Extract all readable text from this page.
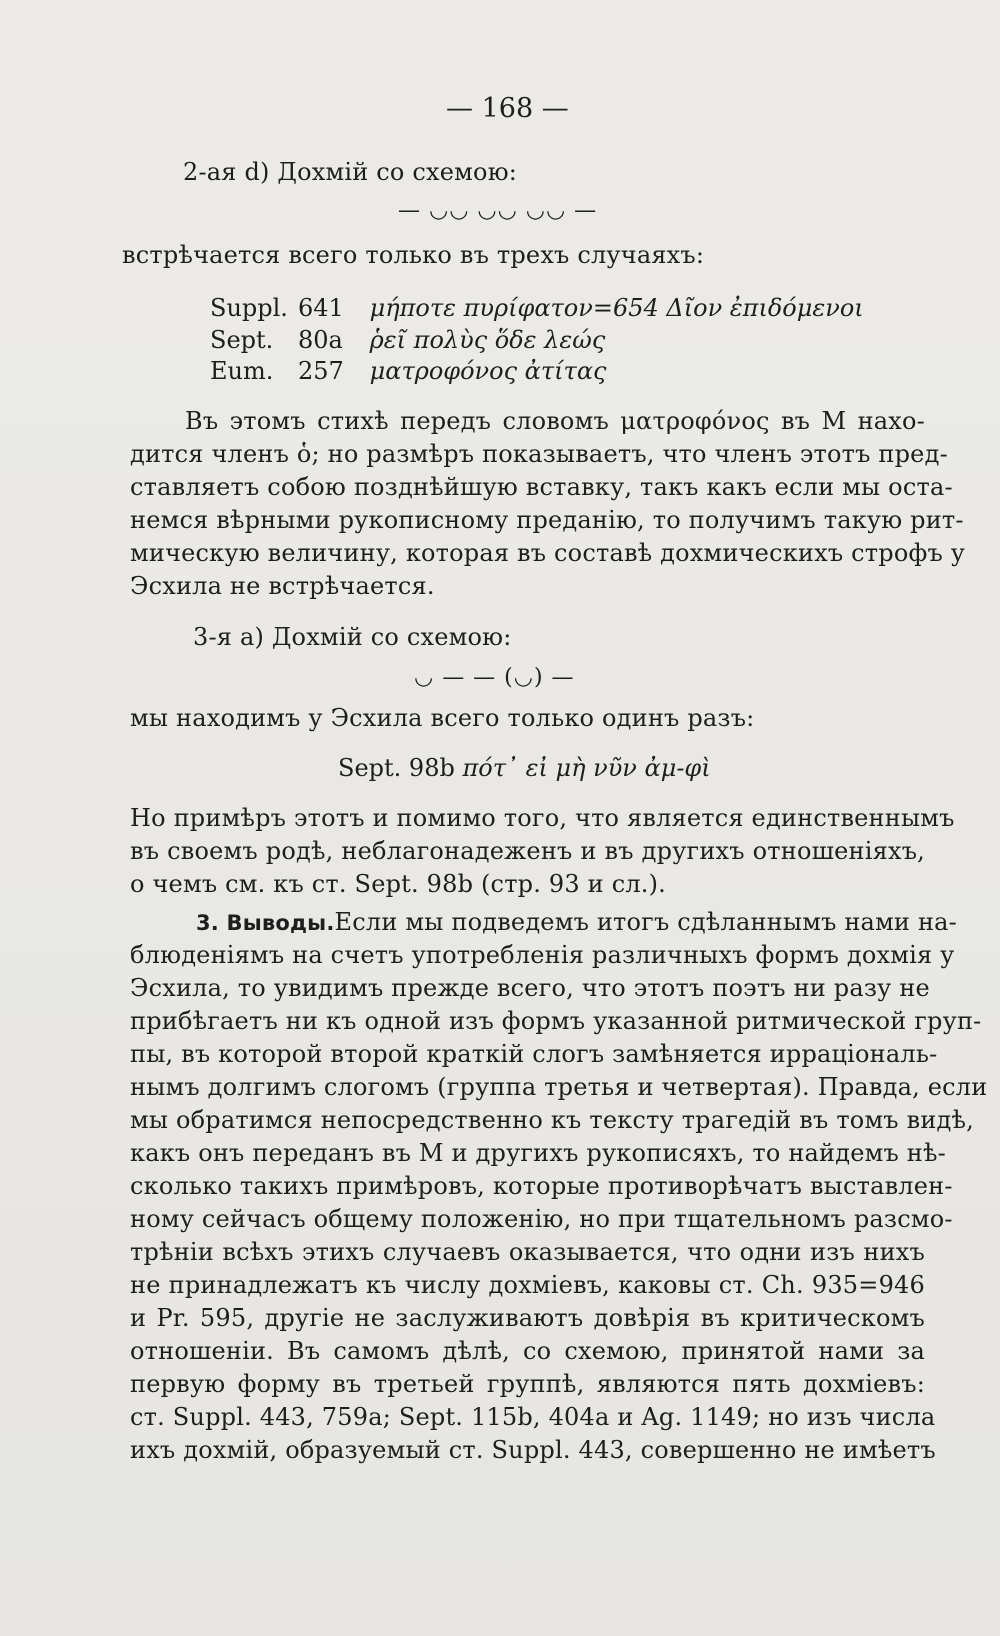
— 168 —
2-ая d) Дохмій со схемою:
— ◡◡ ◡◡ ◡◡ —
встрѣчается всего только въ трехъ случаяхъ:
Suppl. 641 μήποτε πυρίφατον=654 Δῖον ἐπιδόμενοι
Sept. 80a ῥεῖ πολὺς ὅδε λεώς
Eum. 257 ματροφόνος ἀτίτας
Въ этомъ стихѣ передъ словомъ ματροφόνος въ М нахо-
дится членъ ὁ; но размѣръ показываетъ, что членъ этотъ пред-
ставляетъ собою позднѣйшую вставку, такъ какъ если мы оста-
немся вѣрными рукописному преданію, то получимъ такую рит-
мическую величину, которая въ составѣ дохмическихъ строфъ у
Эсхила не встрѣчается.
3-я a) Дохмій со схемою:
◡ — — (◡) —
мы находимъ у Эсхила всего только одинъ разъ:
Sept. 98b πότ᾽ εἰ μὴ νῦν ἀμ-φὶ
Но примѣръ этотъ и помимо того, что является единственнымъ
въ своемъ родѣ, неблагонадеженъ и въ другихъ отношеніяхъ,
о чемъ см. къ ст. Sept. 98b (стр. 93 и сл.).
3. Выводы. Если мы подведемъ итогъ сдѣланнымъ нами на-
блюденіямъ на счетъ употребленія различныхъ формъ дохмія у
Эсхила, то увидимъ прежде всего, что этотъ поэтъ ни разу не
прибѣгаетъ ни къ одной изъ формъ указанной ритмической груп-
пы, въ которой второй краткій слогъ замѣняется ирраціональ-
нымъ долгимъ слогомъ (группа третья и четвертая). Правда, если
мы обратимся непосредственно къ тексту трагедій въ томъ видѣ,
какъ онъ переданъ въ М и другихъ рукописяхъ, то найдемъ нѣ-
сколько такихъ примѣровъ, которые противорѣчатъ выставлен-
ному сейчасъ общему положенію, но при тщательномъ разсмо-
трѣніи всѣхъ этихъ случаевъ оказывается, что одни изъ нихъ
не принадлежатъ къ числу дохміевъ, каковы ст. Ch. 935=946
и Pr. 595, другіе не заслуживаютъ довѣрія въ критическомъ
отношеніи. Въ самомъ дѣлѣ, со схемою, принятой нами за
первую форму въ третьей группѣ, являются пять дохміевъ:
ст. Suppl. 443, 759a; Sept. 115b, 404a и Ag. 1149; но изъ числа
ихъ дохмій, образуемый ст. Suppl. 443, совершенно не имѣетъ
